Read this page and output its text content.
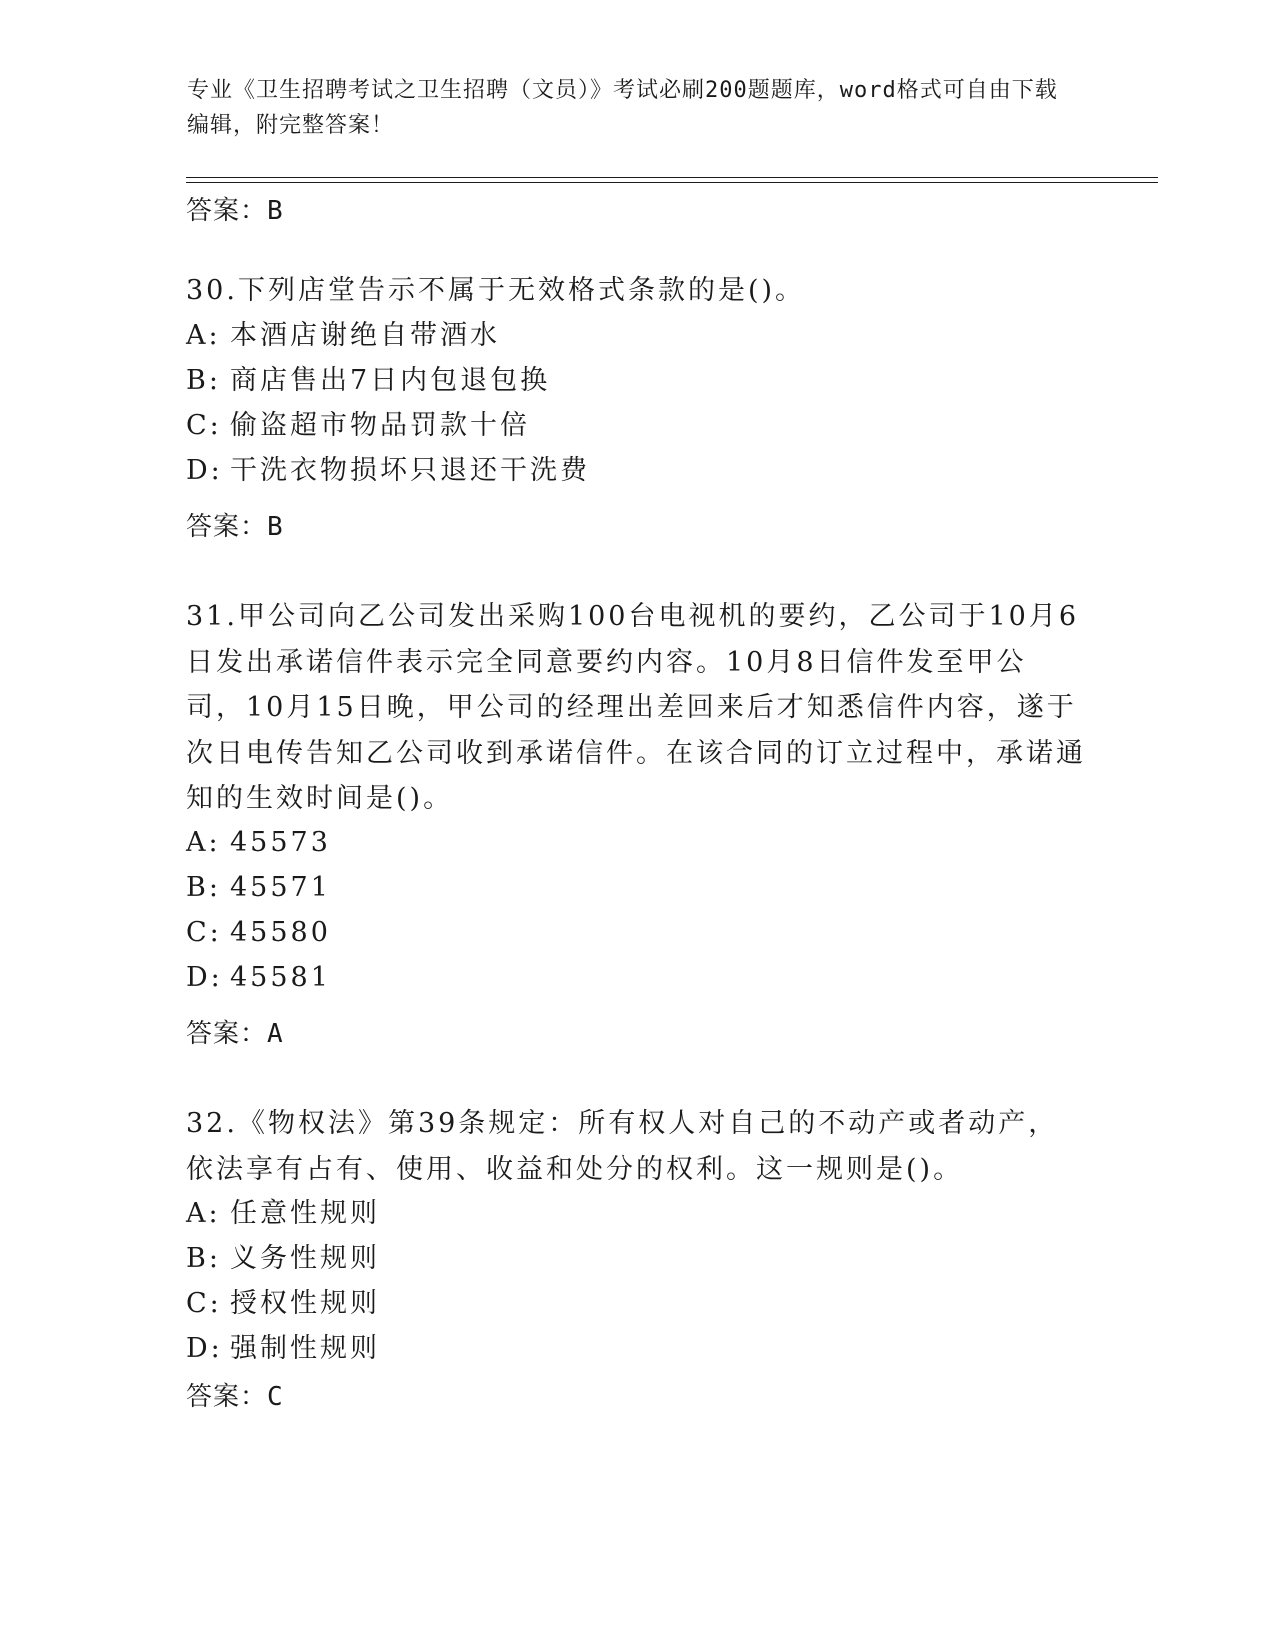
专业《卫生招聘考试之卫生招聘（文员）》考试必刷200题题库，word格式可自由下载编辑，附完整答案！
答案：B
30.下列店堂告示不属于无效格式条款的是()。
A: 本酒店谢绝自带酒水
B: 商店售出7日内包退包换
C: 偷盗超市物品罚款十倍
D: 干洗衣物损坏只退还干洗费
答案：B
31.甲公司向乙公司发出采购100台电视机的要约，乙公司于10月6日发出承诺信件表示完全同意要约内容。10月8日信件发至甲公司，10月15日晚，甲公司的经理出差回来后才知悉信件内容，遂于次日电传告知乙公司收到承诺信件。在该合同的订立过程中，承诺通知的生效时间是()。
A: 45573
B: 45571
C: 45580
D: 45581
答案：A
32.《物权法》第39条规定：所有权人对自己的不动产或者动产，依法享有占有、使用、收益和处分的权利。这一规则是()。
A: 任意性规则
B: 义务性规则
C: 授权性规则
D: 强制性规则
答案：C
